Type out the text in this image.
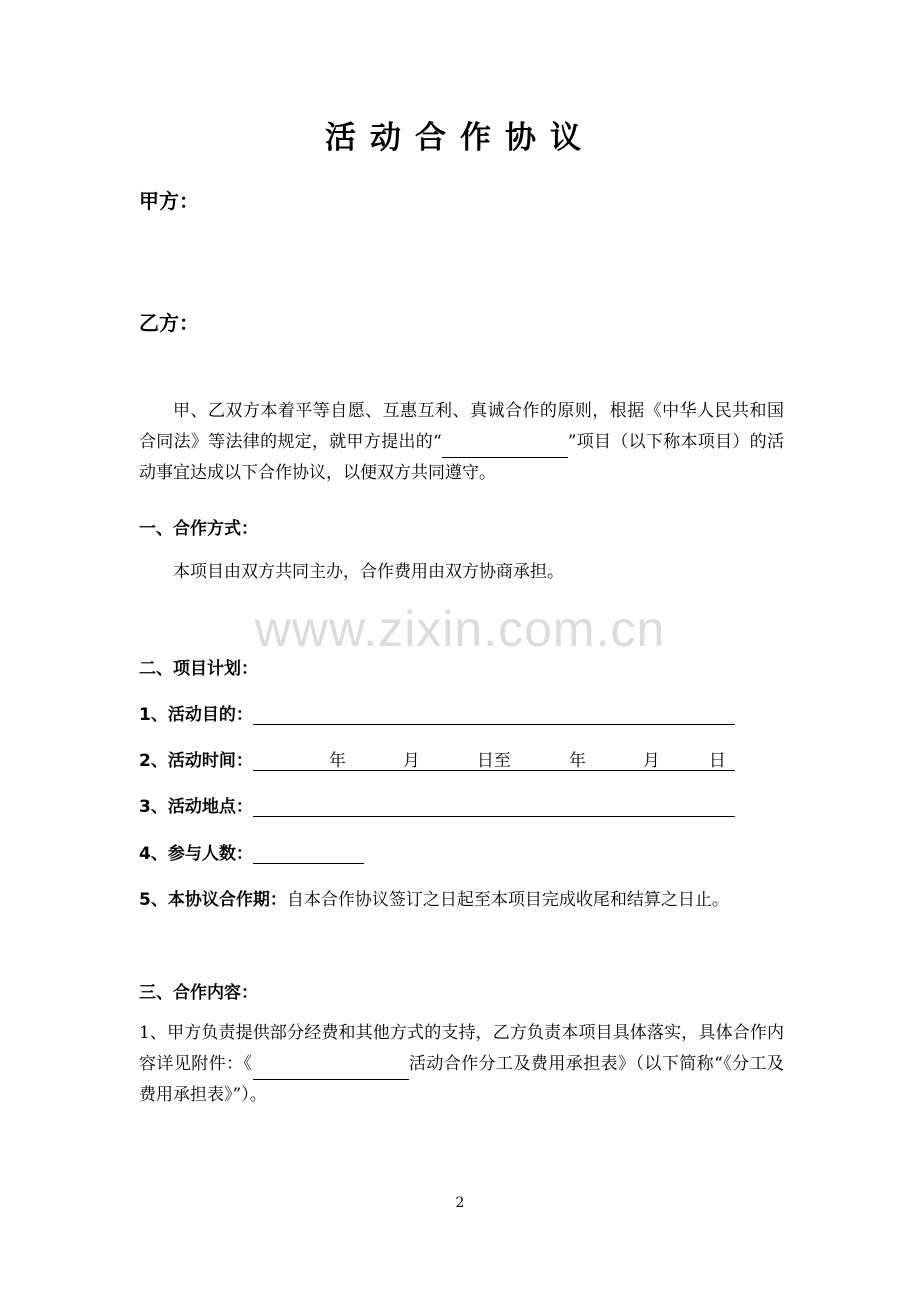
活动合作协议
甲方：
乙方：
甲、乙双方本着平等自愿、互惠互利、真诚合作的原则，根据《中华人民共和国合同法》等法律的规定，就甲方提出的“	”项目（以下称本项目）的活动事宜达成以下合作协议，以便双方共同遵守。
一、合作方式：
本项目由双方共同主办，合作费用由双方协商承担。
www.zixin.com.cn
二、项目计划：
1、活动目的：
2、活动时间：	年	月	日至	年	月	日
3、活动地点：
4、参与人数：
5、本协议合作期：自本合作协议签订之日起至本项目完成收尾和结算之日止。
三、合作内容：
1、甲方负责提供部分经费和其他方式的支持，乙方负责本项目具体落实，具体合作内容详见附件：《	活动合作分工及费用承担表》（以下简称“《分工及费用承担表》”）。
2
